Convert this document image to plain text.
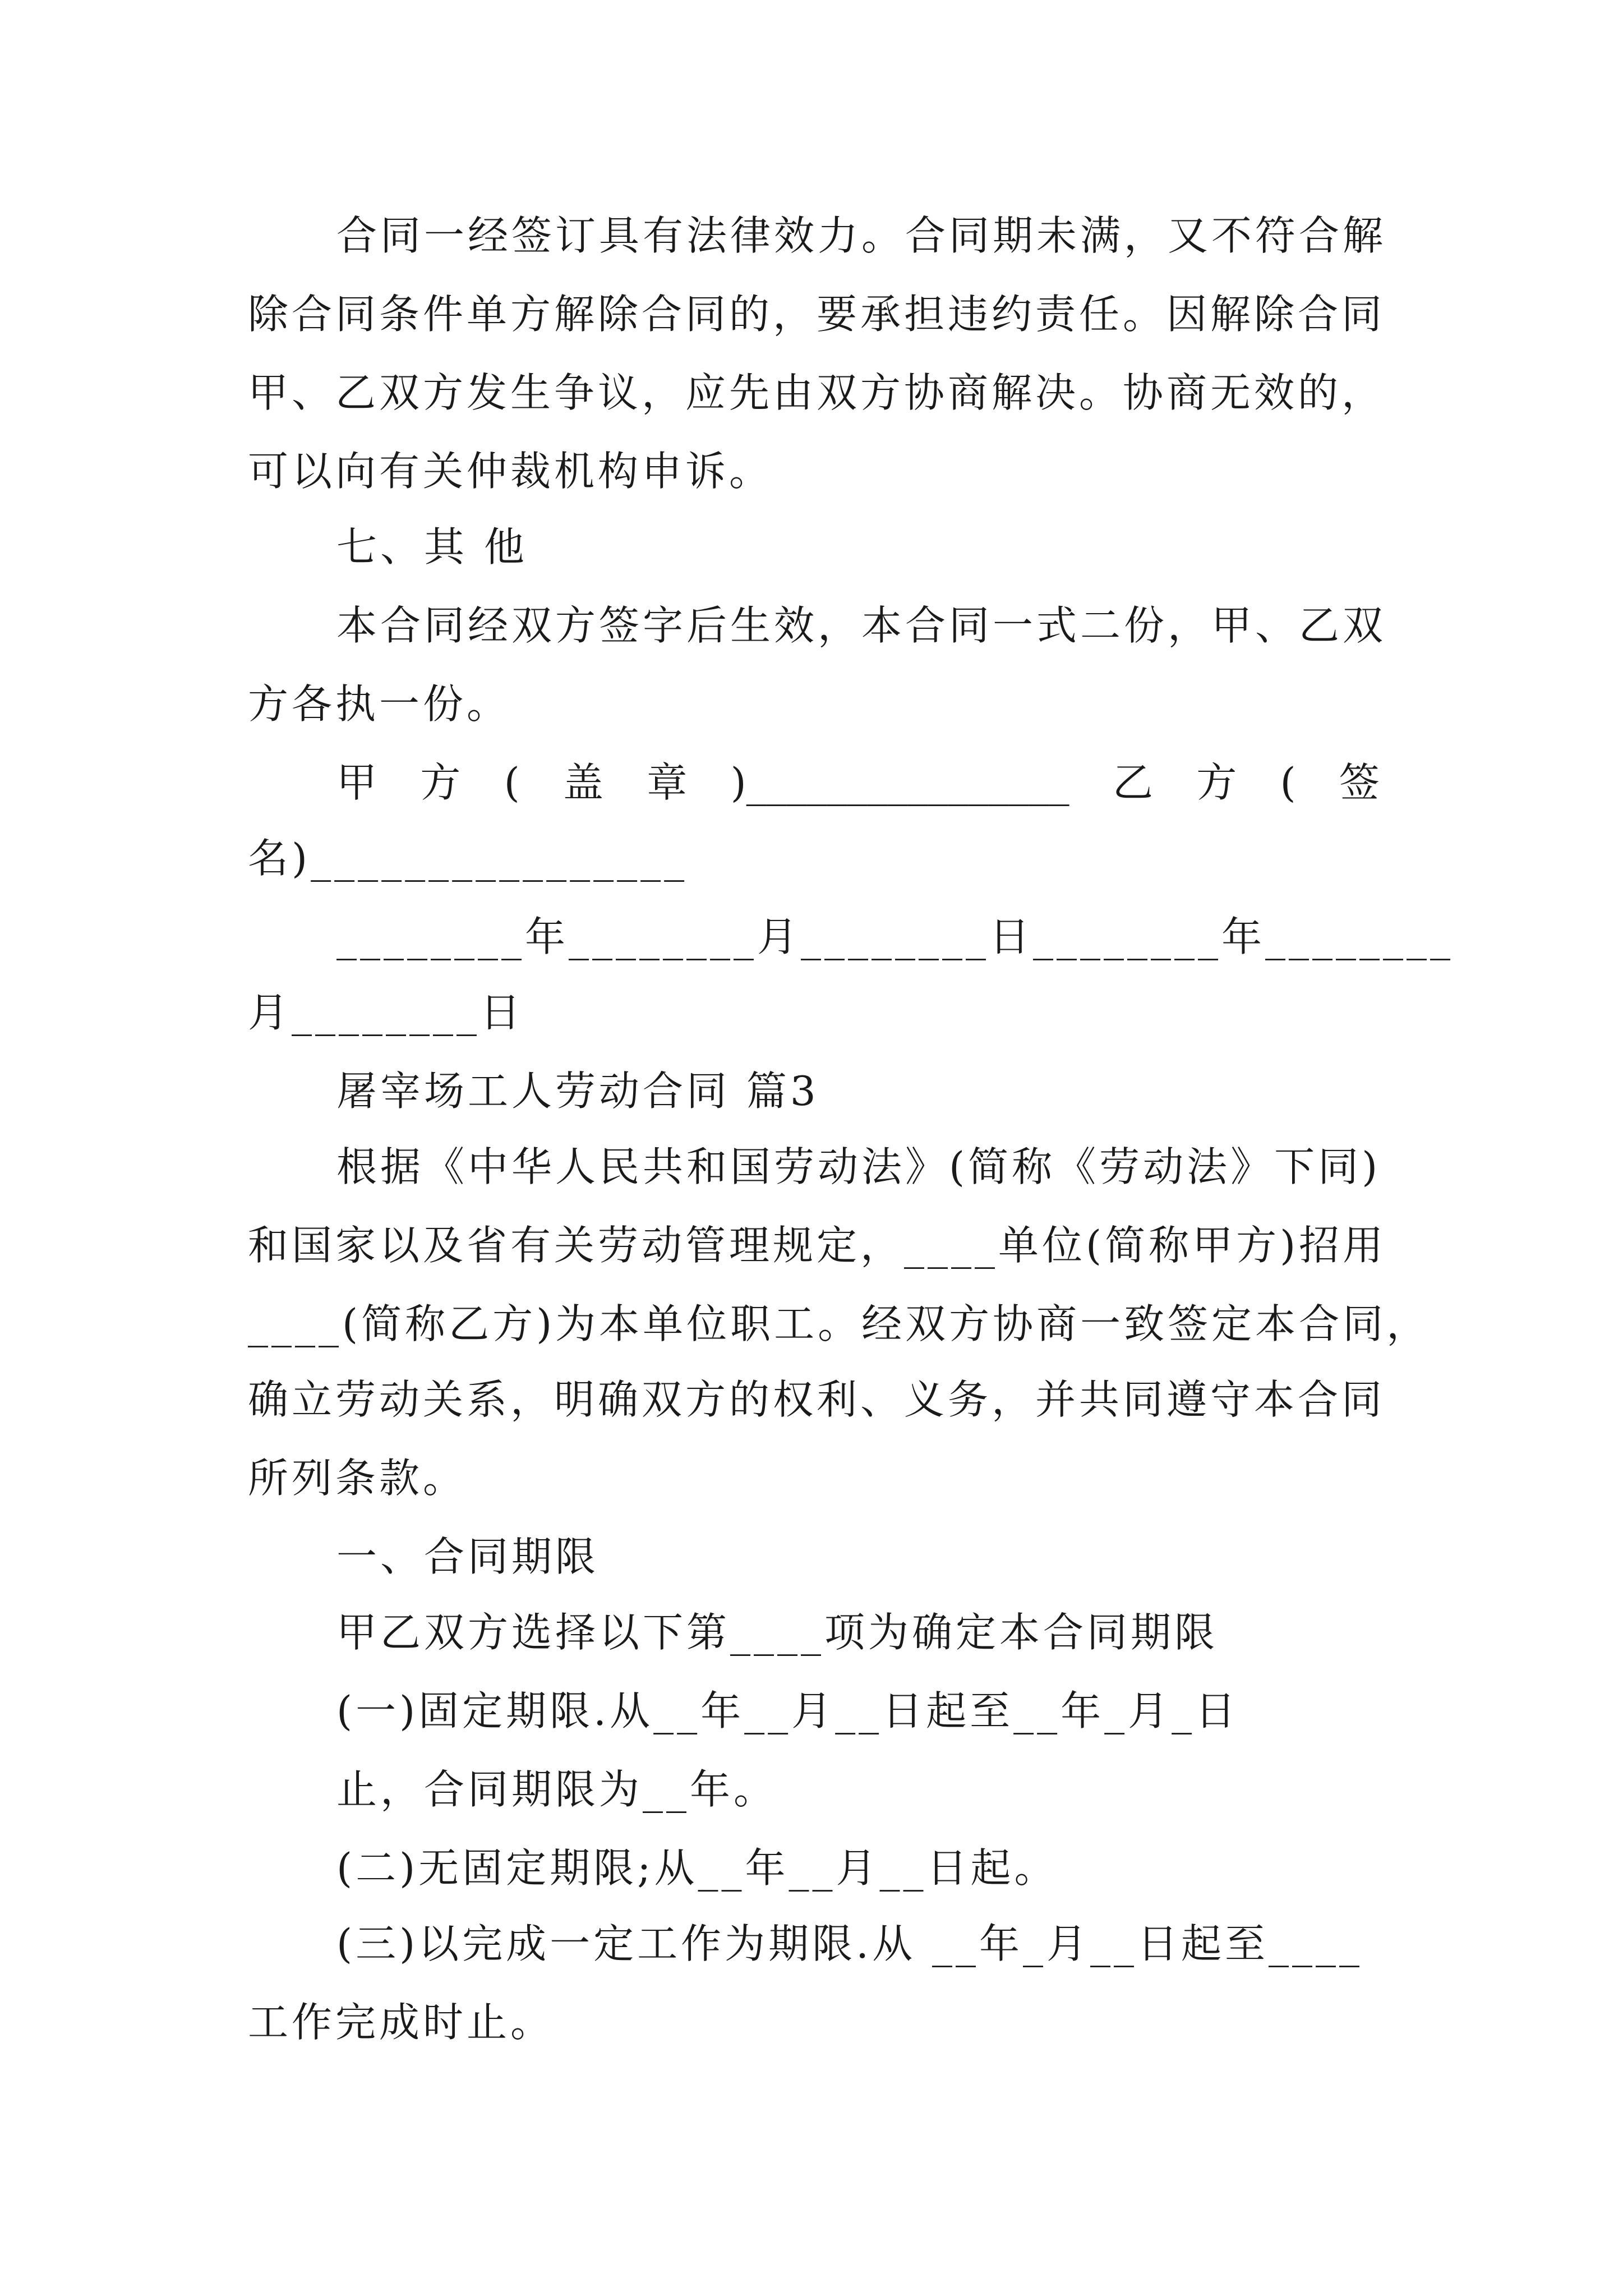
合同一经签订具有法律效力。合同期未满，又不符合解
除合同条件单方解除合同的，要承担违约责任。因解除合同
甲、乙双方发生争议，应先由双方协商解决。协商无效的，
可以向有关仲裁机构申诉。
七、其 他
本合同经双方签字后生效，本合同一式二份，甲、乙双
方各执一份。
甲 方 ( 盖 章 )________________ 乙 方 ( 签
名)________________
________年________月________日________年________
月________日
屠宰场工人劳动合同 篇3
根据《中华人民共和国劳动法》(简称《劳动法》下同)
和国家以及省有关劳动管理规定，____单位(简称甲方)招用
____(简称乙方)为本单位职工。经双方协商一致签定本合同，
确立劳动关系，明确双方的权利、义务，并共同遵守本合同
所列条款。
一、合同期限
甲乙双方选择以下第____项为确定本合同期限
(一)固定期限.从__年__月__日起至__年_月_日
止，合同期限为__年。
(二)无固定期限;从__年__月__日起。
(三)以完成一定工作为期限.从 __年_月__日起至____
工作完成时止。
